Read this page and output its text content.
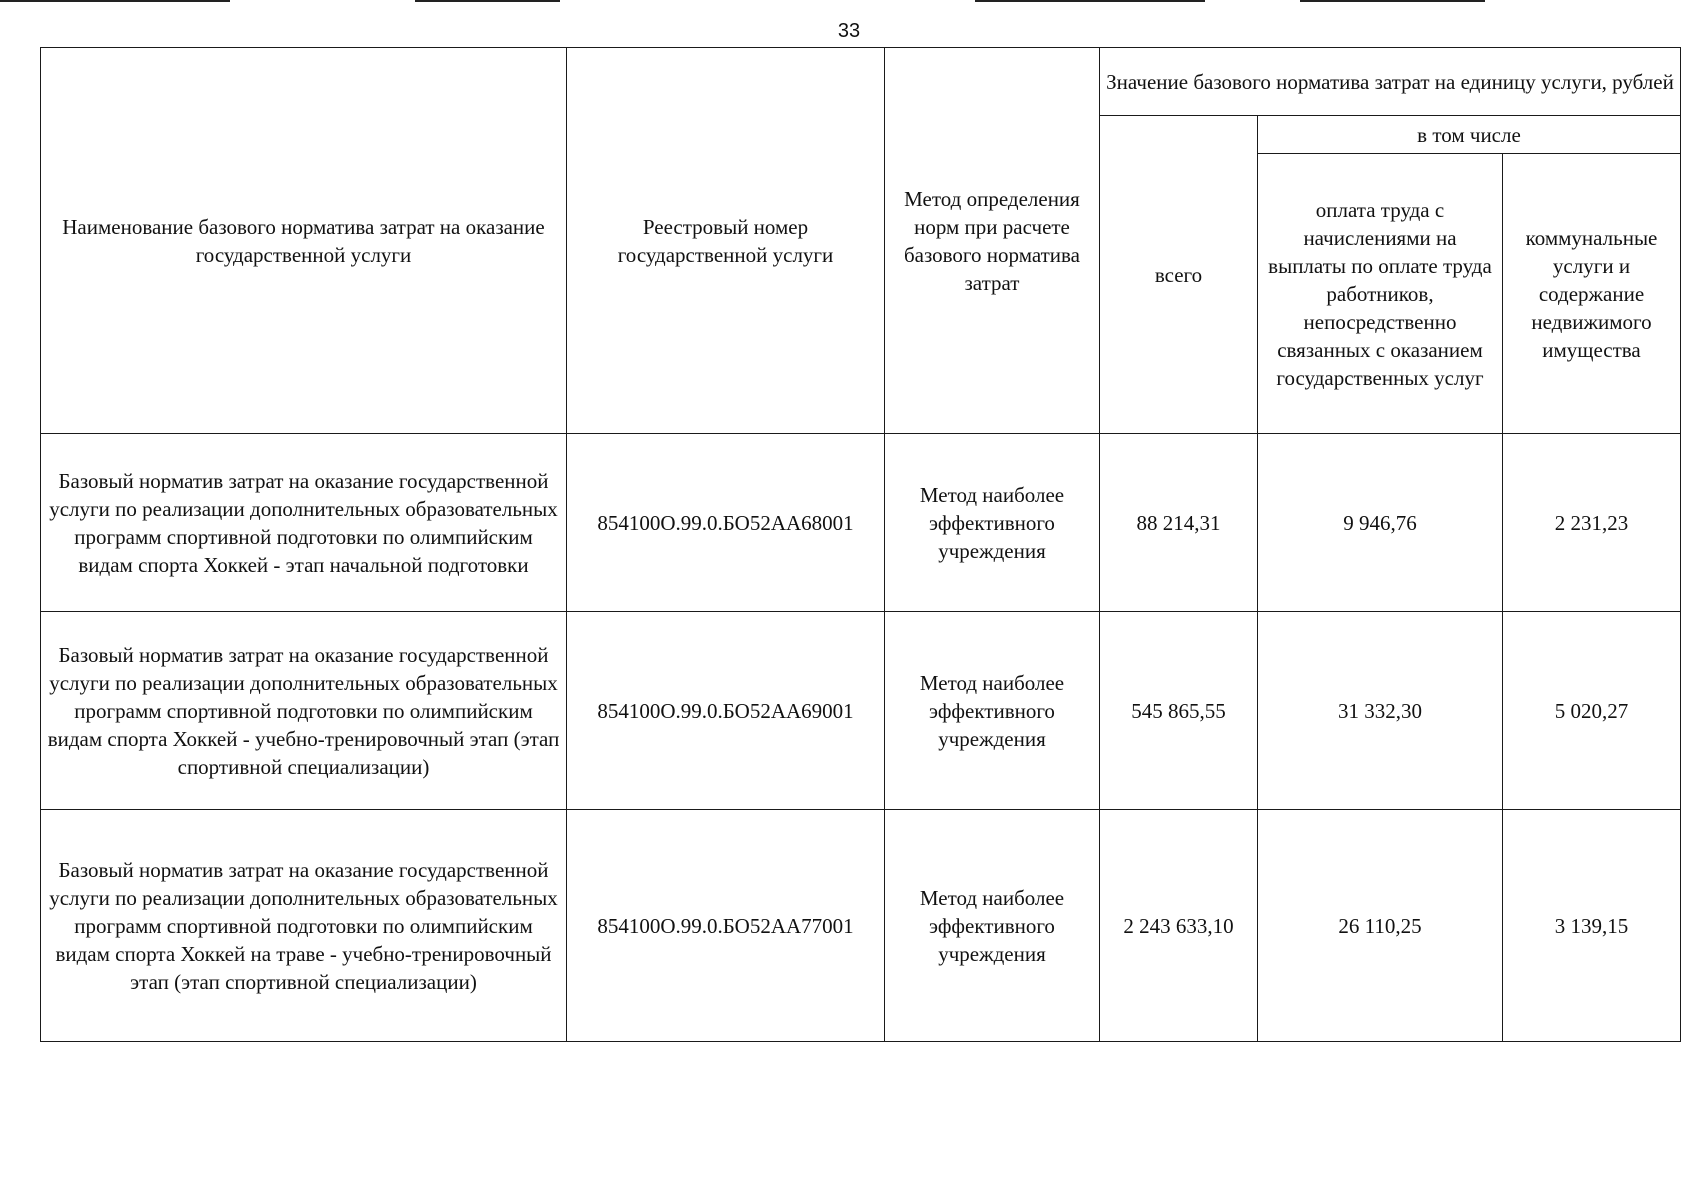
33
Наименование базового норматива затрат на оказание государственной услуги	Реестровый номер государственной услуги	Метод определения норм при расчете базового норматива затрат	Значение базового норматива затрат на единицу услуги, рублей		
			всего	в том числе	
				оплата труда с начислениями на выплаты по оплате труда работников, непосредственно связанных с оказанием государственных услуг	коммунальные услуги и содержание недвижимого имущества
Базовый норматив затрат на оказание государственной услуги по реализации дополнительных образовательных программ спортивной подготовки по олимпийским видам спорта Хоккей - этап начальной подготовки	854100О.99.0.БО52АА68001	Метод наиболее эффективного учреждения	88 214,31	9 946,76	2 231,23
Базовый норматив затрат на оказание государственной услуги по реализации дополнительных образовательных программ спортивной подготовки по олимпийским видам спорта Хоккей - учебно-тренировочный этап (этап спортивной специализации)	854100О.99.0.БО52АА69001	Метод наиболее эффективного учреждения	545 865,55	31 332,30	5 020,27
Базовый норматив затрат на оказание государственной услуги по реализации дополнительных образовательных программ спортивной подготовки по олимпийским видам спорта Хоккей на траве - учебно-тренировочный этап (этап спортивной специализации)	854100О.99.0.БО52АА77001	Метод наиболее эффективного учреждения	2 243 633,10	26 110,25	3 139,15
